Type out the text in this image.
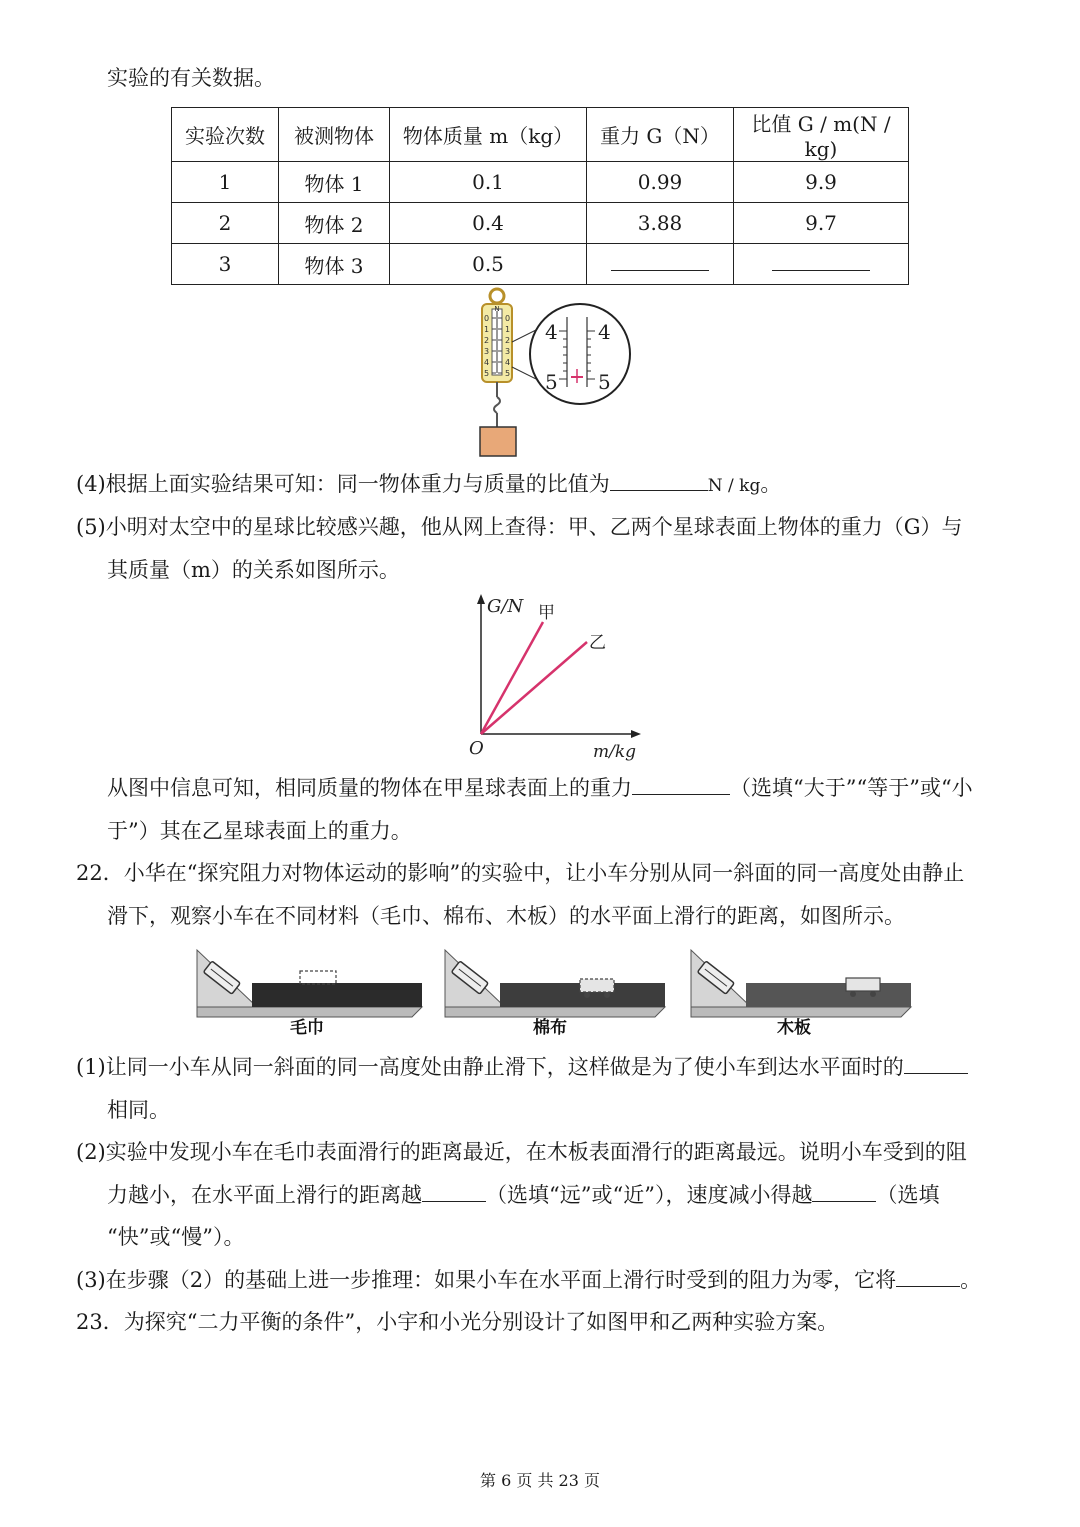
实验的有关数据。
实验次数	被测物体	物体质量 m（kg）	重力 G（N）	比值 G / m(N / kg)
1	物体 1	0.1	0.99	9.9
2	物体 2	0.4	3.88	9.7
3	物体 3	0.5		
N
0
1
2
3
4
5
0
1
2
3
4
5
4 4
5 5
(4)根据上面实验结果可知：同一物体重力与质量的比值为	N / kg。
(5)小明对太空中的星球比较感兴趣，他从网上查得：甲、乙两个星球表面上物体的重力（G）与
其质量（m）的关系如图所示。
G/N 甲
乙
O	m/kg
从图中信息可知，相同质量的物体在甲星球表面上的重力	（选填“大于”“等于”或“小
于”）其在乙星球表面上的重力。
22．小华在“探究阻力对物体运动的影响”的实验中，让小车分别从同一斜面的同一高度处由静止
滑下，观察小车在不同材料（毛巾、棉布、木板）的水平面上滑行的距离，如图所示。
毛巾	棉布	木板
(1)让同一小车从同一斜面的同一高度处由静止滑下，这样做是为了使小车到达水平面时的
相同。
(2)实验中发现小车在毛巾表面滑行的距离最近，在木板表面滑行的距离最远。说明小车受到的阻
力越小，在水平面上滑行的距离越	（选填“远”或“近”），速度减小得越	（选填
“快”或“慢”）。
(3)在步骤（2）的基础上进一步推理：如果小车在水平面上滑行时受到的阻力为零，它将	。
23．为探究“二力平衡的条件”，小宇和小光分别设计了如图甲和乙两种实验方案。
第 6 页 共 23 页
